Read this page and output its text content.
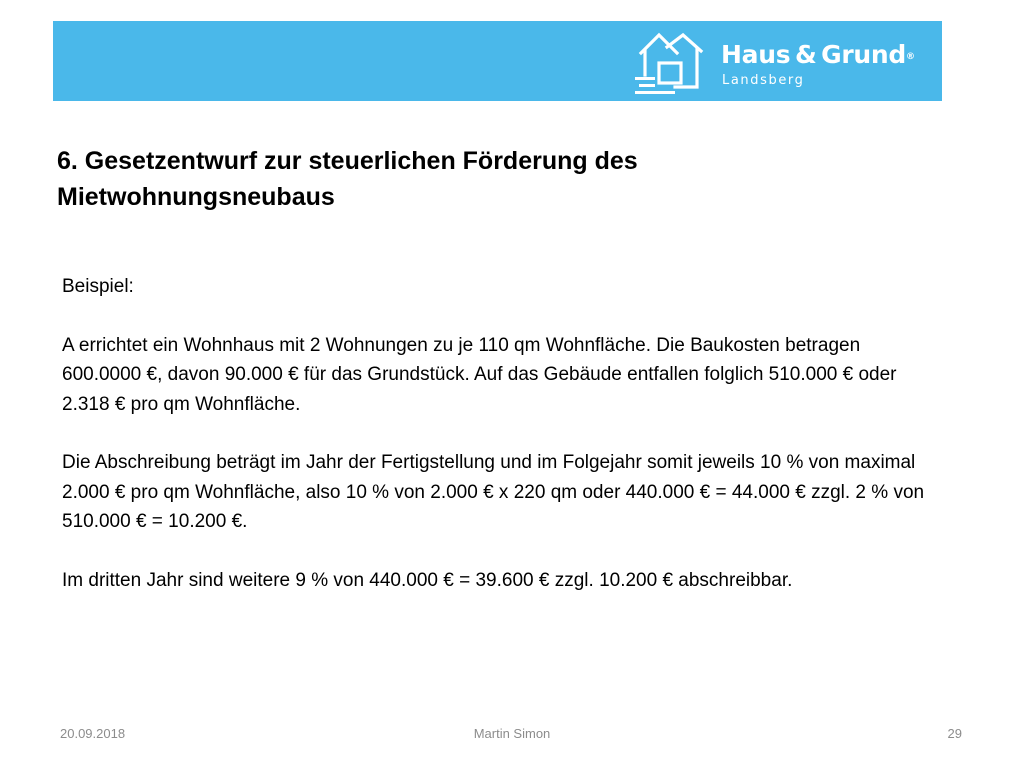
Haus & Grund®
Landsberg
6. Gesetzentwurf zur steuerlichen Förderung des
Mietwohnungsneubaus

Beispiel:

A errichtet ein Wohnhaus mit 2 Wohnungen zu je 110 qm Wohnfläche. Die Baukosten betragen 600.0000 €, davon 90.000 € für das Grundstück. Auf das Gebäude entfallen folglich 510.000 € oder 2.318 € pro qm Wohnfläche.

Die Abschreibung beträgt im Jahr der Fertigstellung und im Folgejahr somit jeweils 10 % von maximal 2.000 € pro qm Wohnfläche, also 10 % von 2.000 € x 220 qm oder 440.000 € = 44.000 € zzgl. 2 % von 510.000 € = 10.200 €.

Im dritten Jahr sind weitere 9 % von 440.000 € = 39.600 € zzgl. 10.200 € abschreibbar.

20.09.2018	Martin Simon	29
